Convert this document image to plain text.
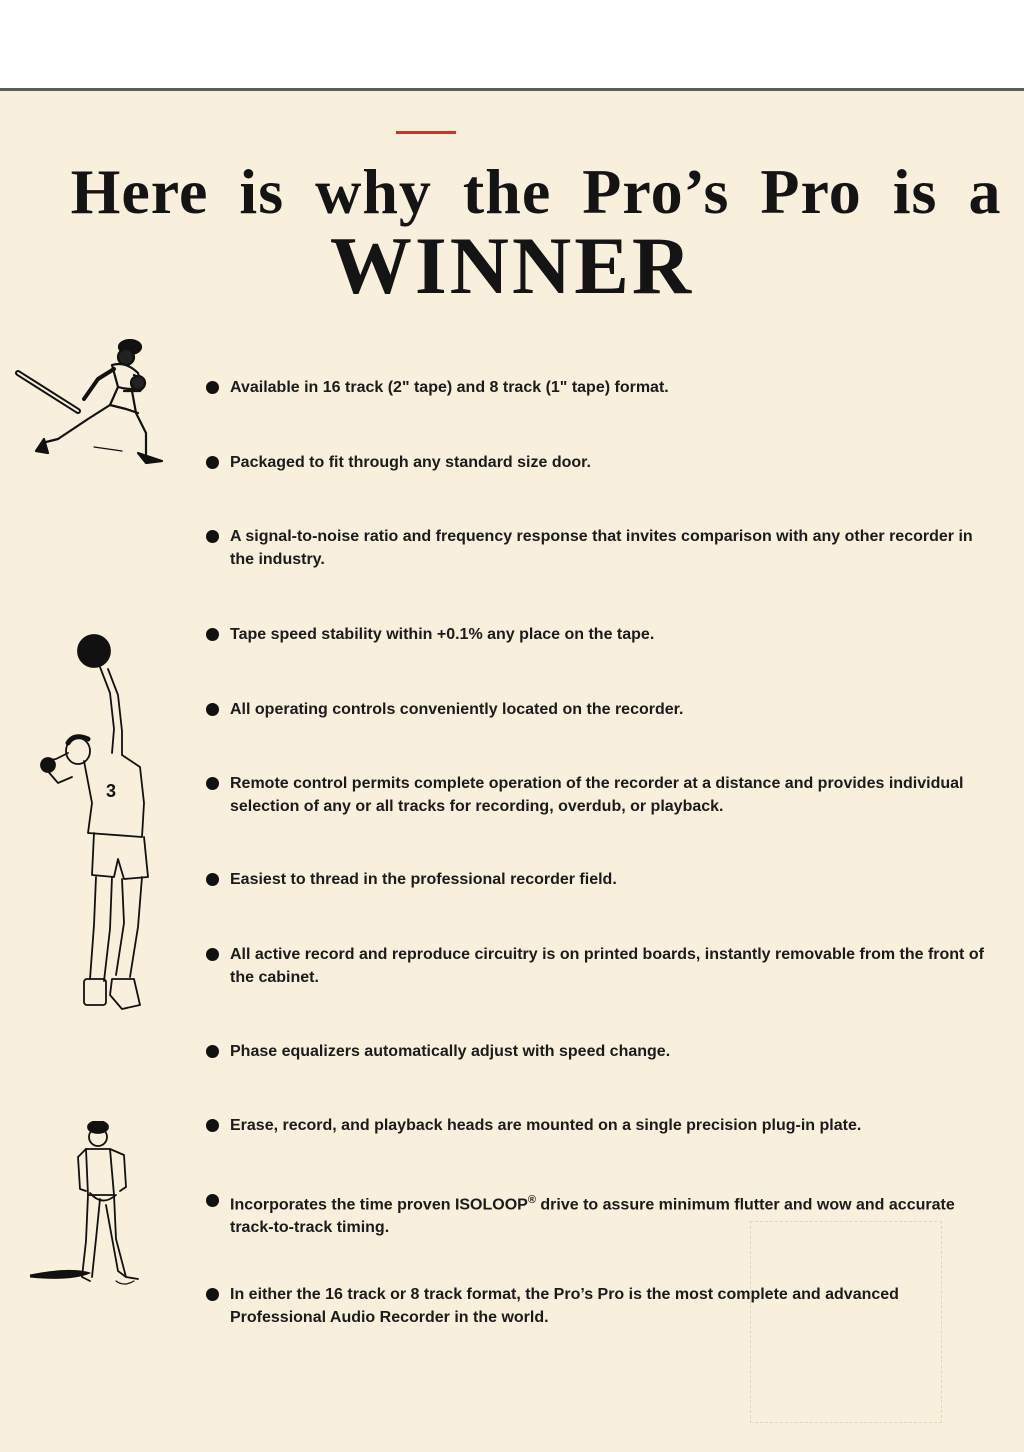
Here is why the Pro’s Pro is a
WINNER
3
Available in 16 track (2" tape) and 8 track (1" tape) format.
Packaged to fit through any standard size door.
A signal-to-noise ratio and frequency response that invites comparison with any other recorder in the industry.
Tape speed stability within +0.1% any place on the tape.
All operating controls conveniently located on the recorder.
Remote control permits complete operation of the recorder at a distance and provides individual selection of any or all tracks for recording, overdub, or playback.
Easiest to thread in the professional recorder field.
All active record and reproduce circuitry is on printed boards, instantly removable from the front of the cabinet.
Phase equalizers automatically adjust with speed change.
Erase, record, and playback heads are mounted on a single precision plug-in plate.
Incorporates the time proven ISOLOOP® drive to assure minimum flutter and wow and accurate track-to-track timing.
In either the 16 track or 8 track format, the Pro’s Pro is the most complete and advanced Professional Audio Recorder in the world.
